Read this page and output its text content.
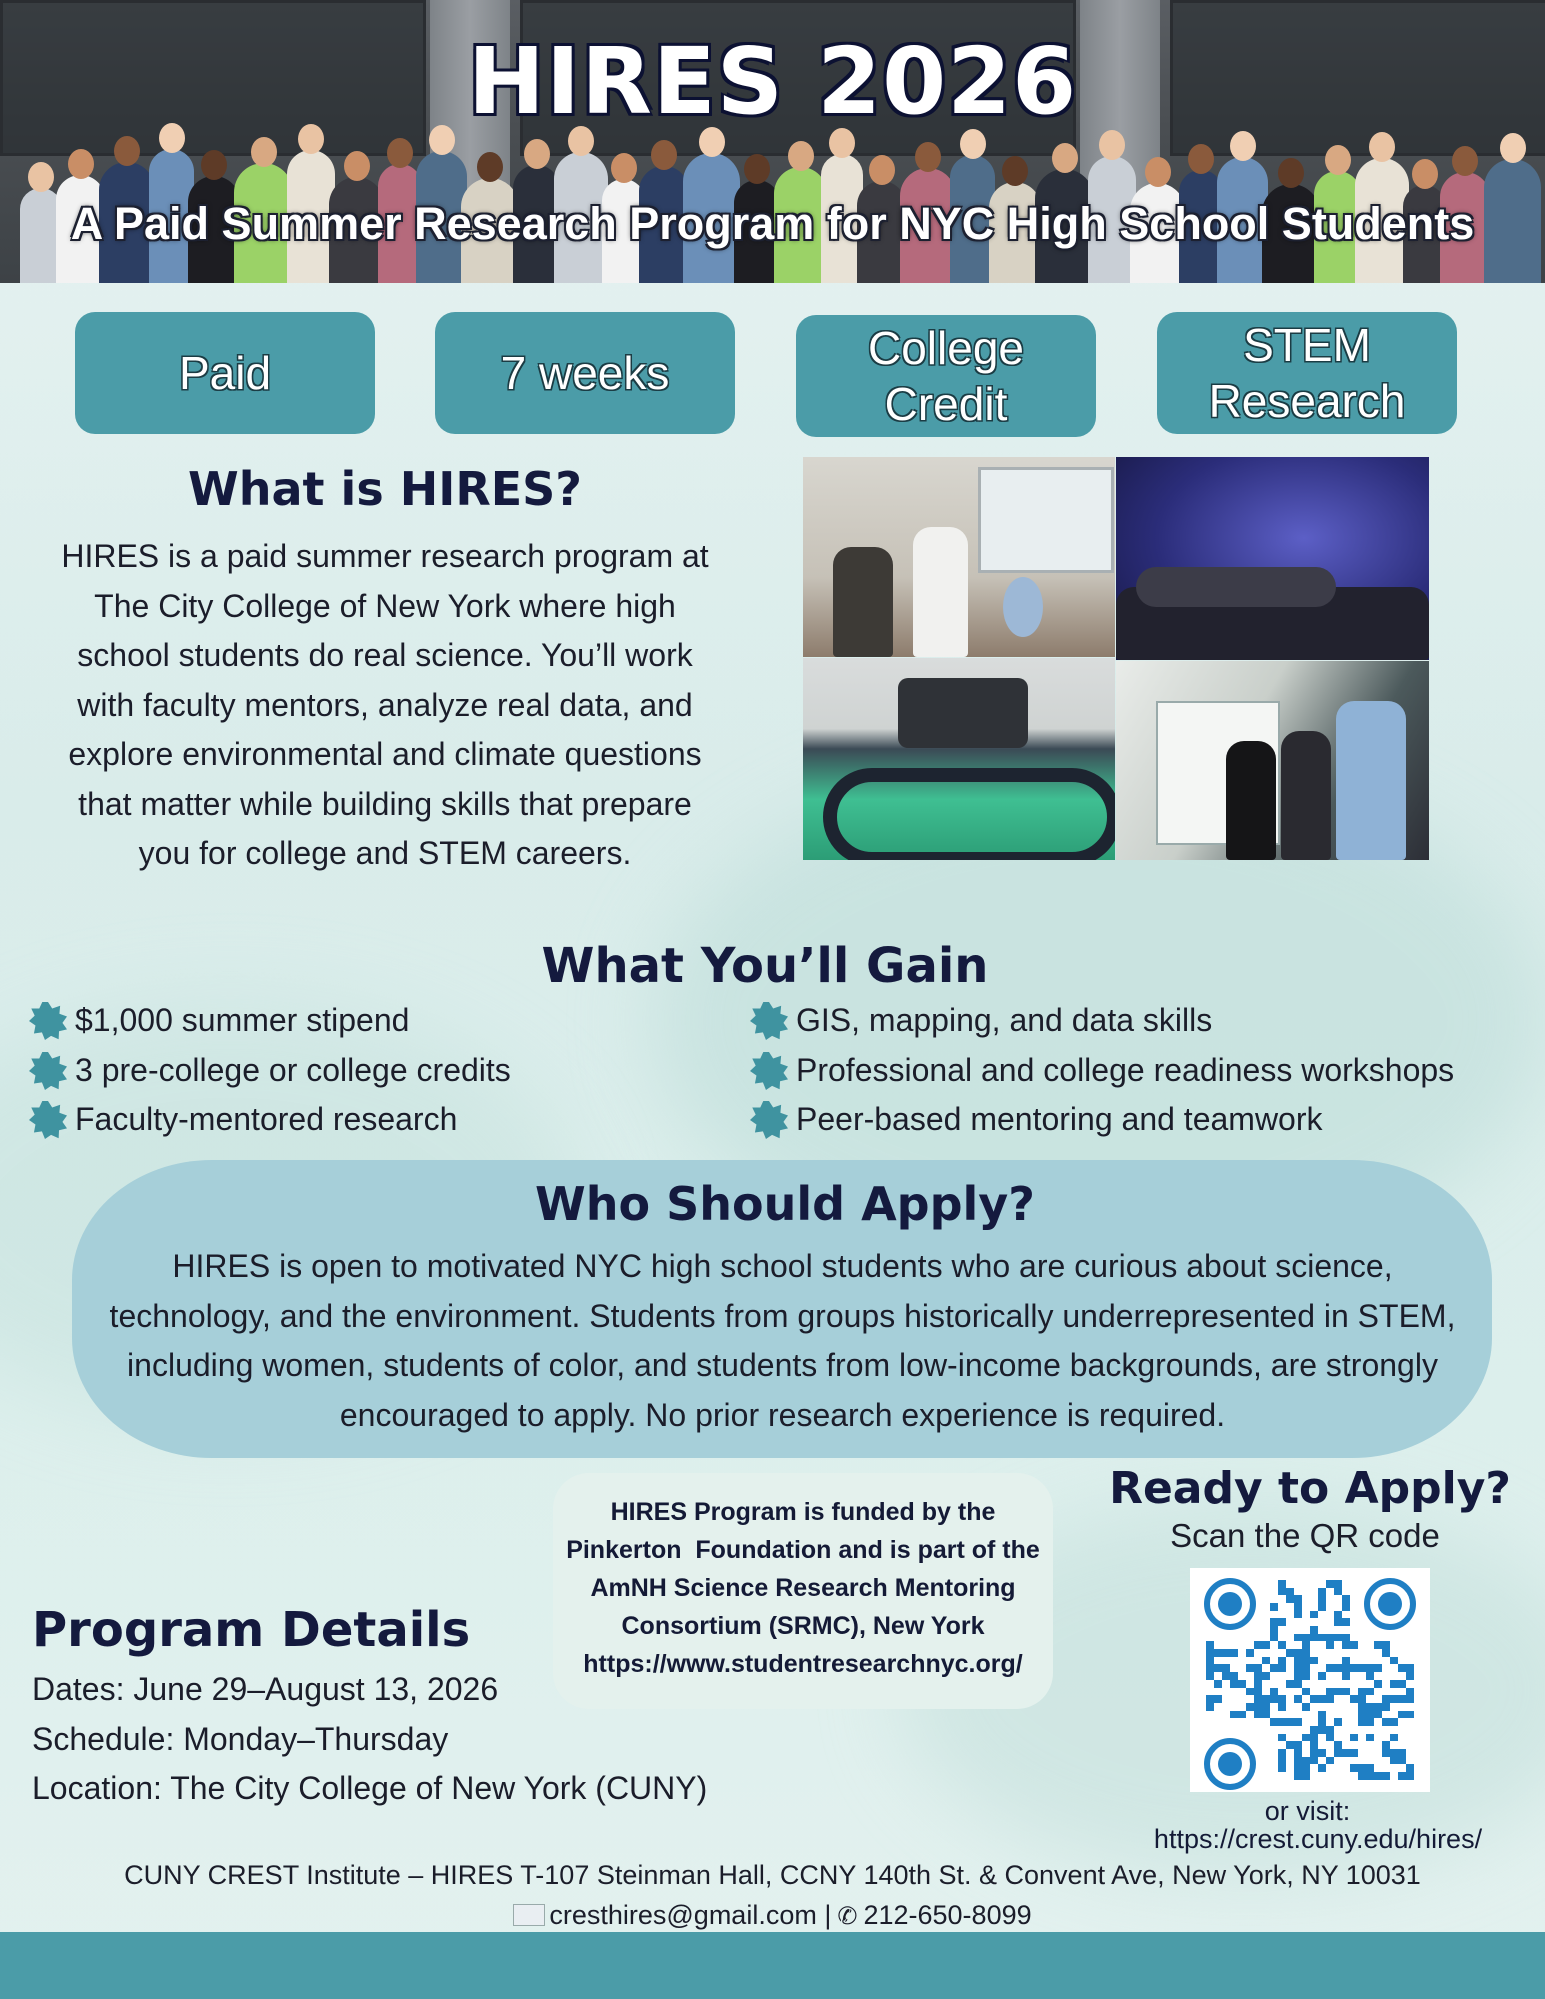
HIRES 2026
A Paid Summer Research Program for NYC High School Students
Paid	7 weeks	College
Credit
STEM
Research
What is HIRES?

HIRES is a paid summer research program at The City College of New York where high school students do real science. You’ll work with faculty mentors, analyze real data, and explore environmental and climate questions that matter while building skills that prepare you for college and STEM careers.

What You’ll Gain
$1,000 summer stipend
3 pre-college or college credits
Faculty-mentored research
GIS, mapping, and data skills
Professional and college readiness workshops
Peer-based mentoring and teamwork
Who Should Apply?

HIRES is open to motivated NYC high school students who are curious about science, technology, and the environment. Students from groups historically underrepresented in STEM, including women, students of color, and students from low-income backgrounds, are strongly encouraged to apply. No prior research experience is required.

HIRES Program is funded by the
Pinkerton  Foundation and is part of the
AmNH Science Research Mentoring
Consortium (SRMC), New York
https://www.studentresearchnyc.org/

Ready to Apply?
Scan the QR code
or visit:
https://crest.cuny.edu/hires/
Program Details
Dates: June 29–August 13, 2026
Schedule: Monday–Thursday
Location: The City College of New York (CUNY)
CUNY CREST Institute – HIRES T-107 Steinman Hall, CCNY 140th St. & Convent Ave, New York, NY 10031
cresthires@gmail.com | ✆ 212-650-8099
